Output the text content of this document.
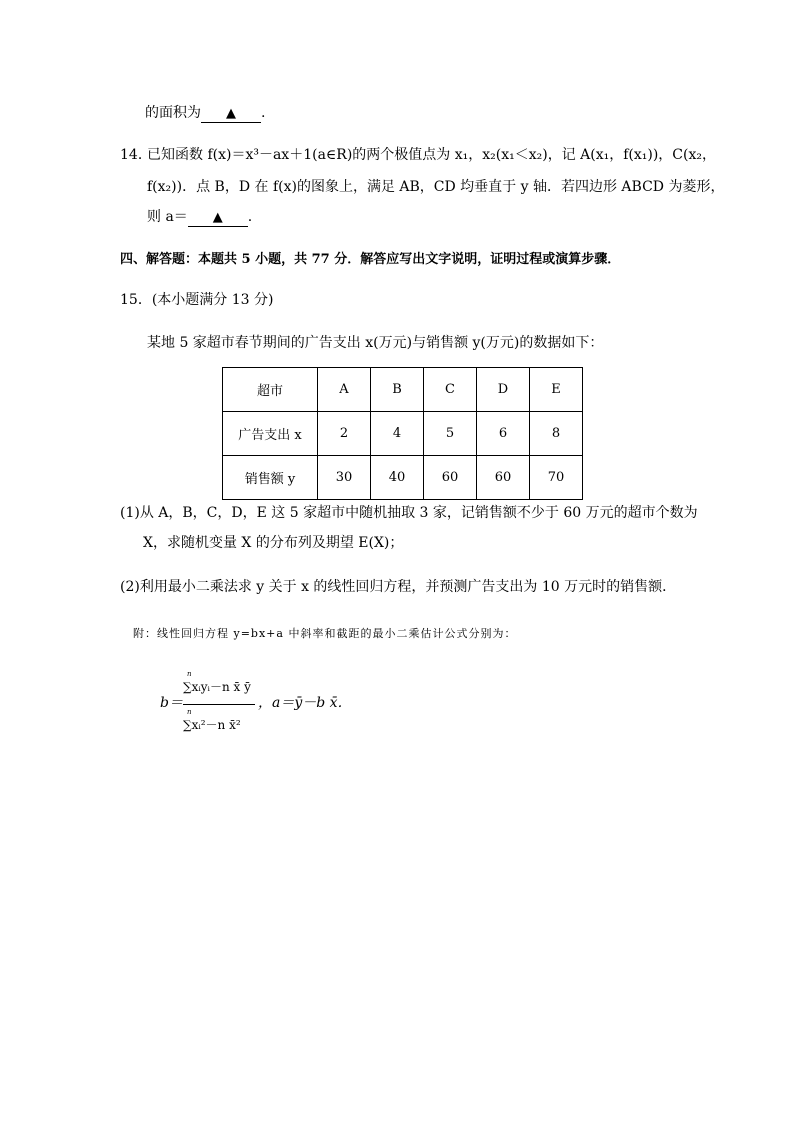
的面积为 ▲ .
14．
已知函数 f(x)＝x³－ax＋1(a∈R)的两个极值点为 x₁，x₂(x₁＜x₂)，记 A(x₁，f(x₁))，C(x₂，
f(x₂))．点 B，D 在 f(x)的图象上，满足 AB，CD 均垂直于 y 轴．若四边形 ABCD 为菱形，
则 a＝ ▲ .
四、解答题：本题共 5 小题，共 77 分．解答应写出文字说明，证明过程或演算步骤．
15．(本小题满分 13 分)
某地 5 家超市春节期间的广告支出 x(万元)与销售额 y(万元)的数据如下：
超市	A	B	C	D	E
广告支出 x	2	4	5	6	8
销售额 y	30	40	60	60	70
(1)从 A，B，C，D，E 这 5 家超市中随机抽取 3 家，记销售额不少于 60 万元的超市个数为
X，求随机变量 X 的分布列及期望 E(X)；
(2)利用最小二乘法求 y 关于 x 的线性回归方程，并预测广告支出为 10 万元时的销售额．
附：线性回归方程 y=bx+a 中斜率和截距的最小二乘估计公式分别为：
b＝
n
∑xᵢyᵢ－n x̄ ȳ
n
∑xᵢ²－n x̄²
，a＝ȳ－b x̄．
